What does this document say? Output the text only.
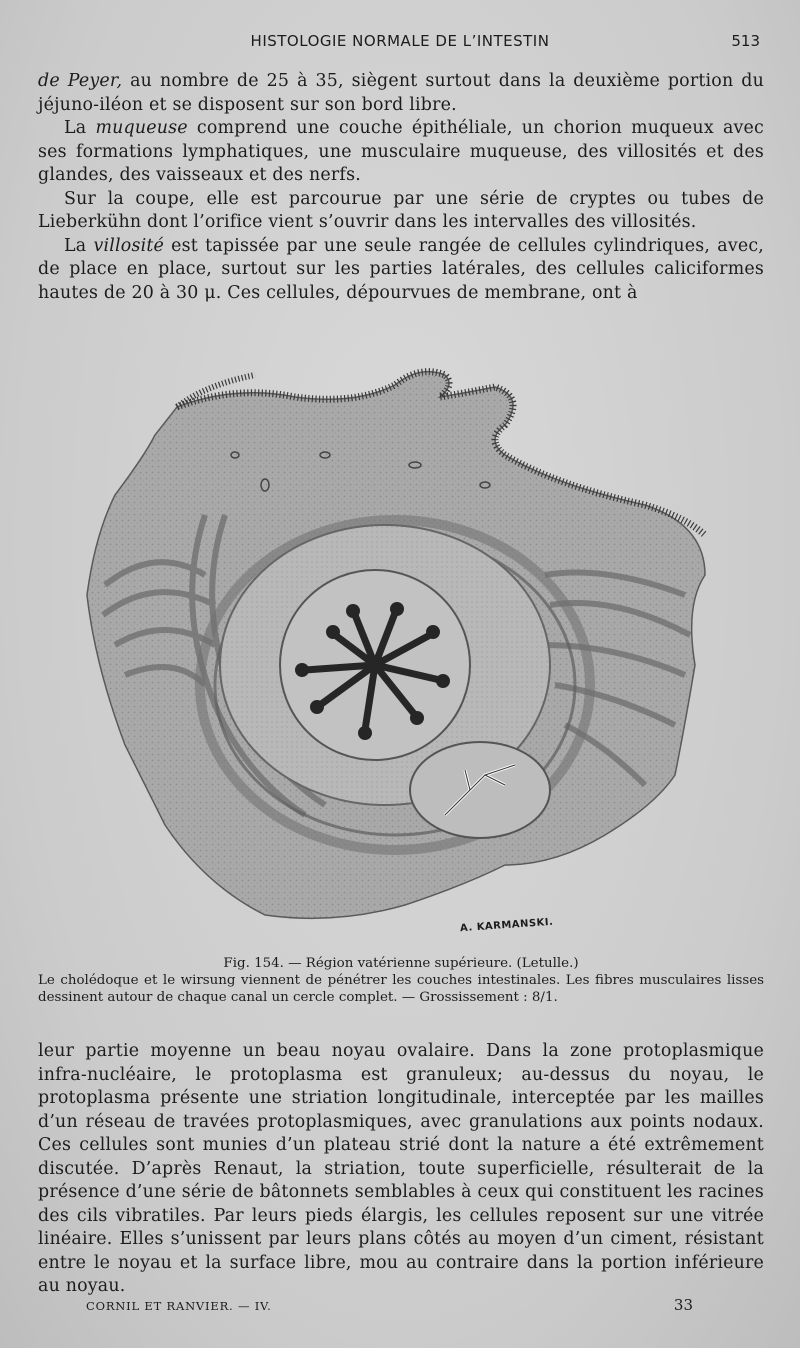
HISTOLOGIE NORMALE DE L’INTESTIN	513

de Peyer, au nombre de 25 à 35, siègent surtout dans la deuxième portion du jéjuno-iléon et se disposent sur son bord libre.

La muqueuse comprend une couche épithéliale, un chorion muqueux avec ses formations lymphatiques, une musculaire muqueuse, des villosités et des glandes, des vaisseaux et des nerfs.

Sur la coupe, elle est parcourue par une série de cryptes ou tubes de Lieberkühn dont l’orifice vient s’ouvrir dans les intervalles des villosités.

La villosité est tapissée par une seule rangée de cellules cylindriques, avec, de place en place, surtout sur les parties latérales, des cellules caliciformes hautes de 20 à 30 μ. Ces cellules, dépourvues de membrane, ont à

A. KARMANSKI.
Fig. 154. — Région vatérienne supérieure. (Letulle.)
Le cholédoque et le wirsung viennent de pénétrer les couches intestinales. Les fibres musculaires lisses dessinent autour de chaque canal un cercle complet. — Grossissement : 8/1.

leur partie moyenne un beau noyau ovalaire. Dans la zone protoplasmique infra-nucléaire, le protoplasma est granuleux; au-dessus du noyau, le protoplasma présente une striation longitudinale, interceptée par les mailles d’un réseau de travées protoplasmiques, avec granulations aux points nodaux. Ces cellules sont munies d’un plateau strié dont la nature a été extrêmement discutée. D’après Renaut, la striation, toute superficielle, résulterait de la présence d’une série de bâtonnets semblables à ceux qui constituent les racines des cils vibratiles. Par leurs pieds élargis, les cellules reposent sur une vitrée linéaire. Elles s’unissent par leurs plans côtés au moyen d’un ciment, résistant entre le noyau et la surface libre, mou au contraire dans la portion inférieure au noyau.

CORNIL ET RANVIER. — IV.	33
